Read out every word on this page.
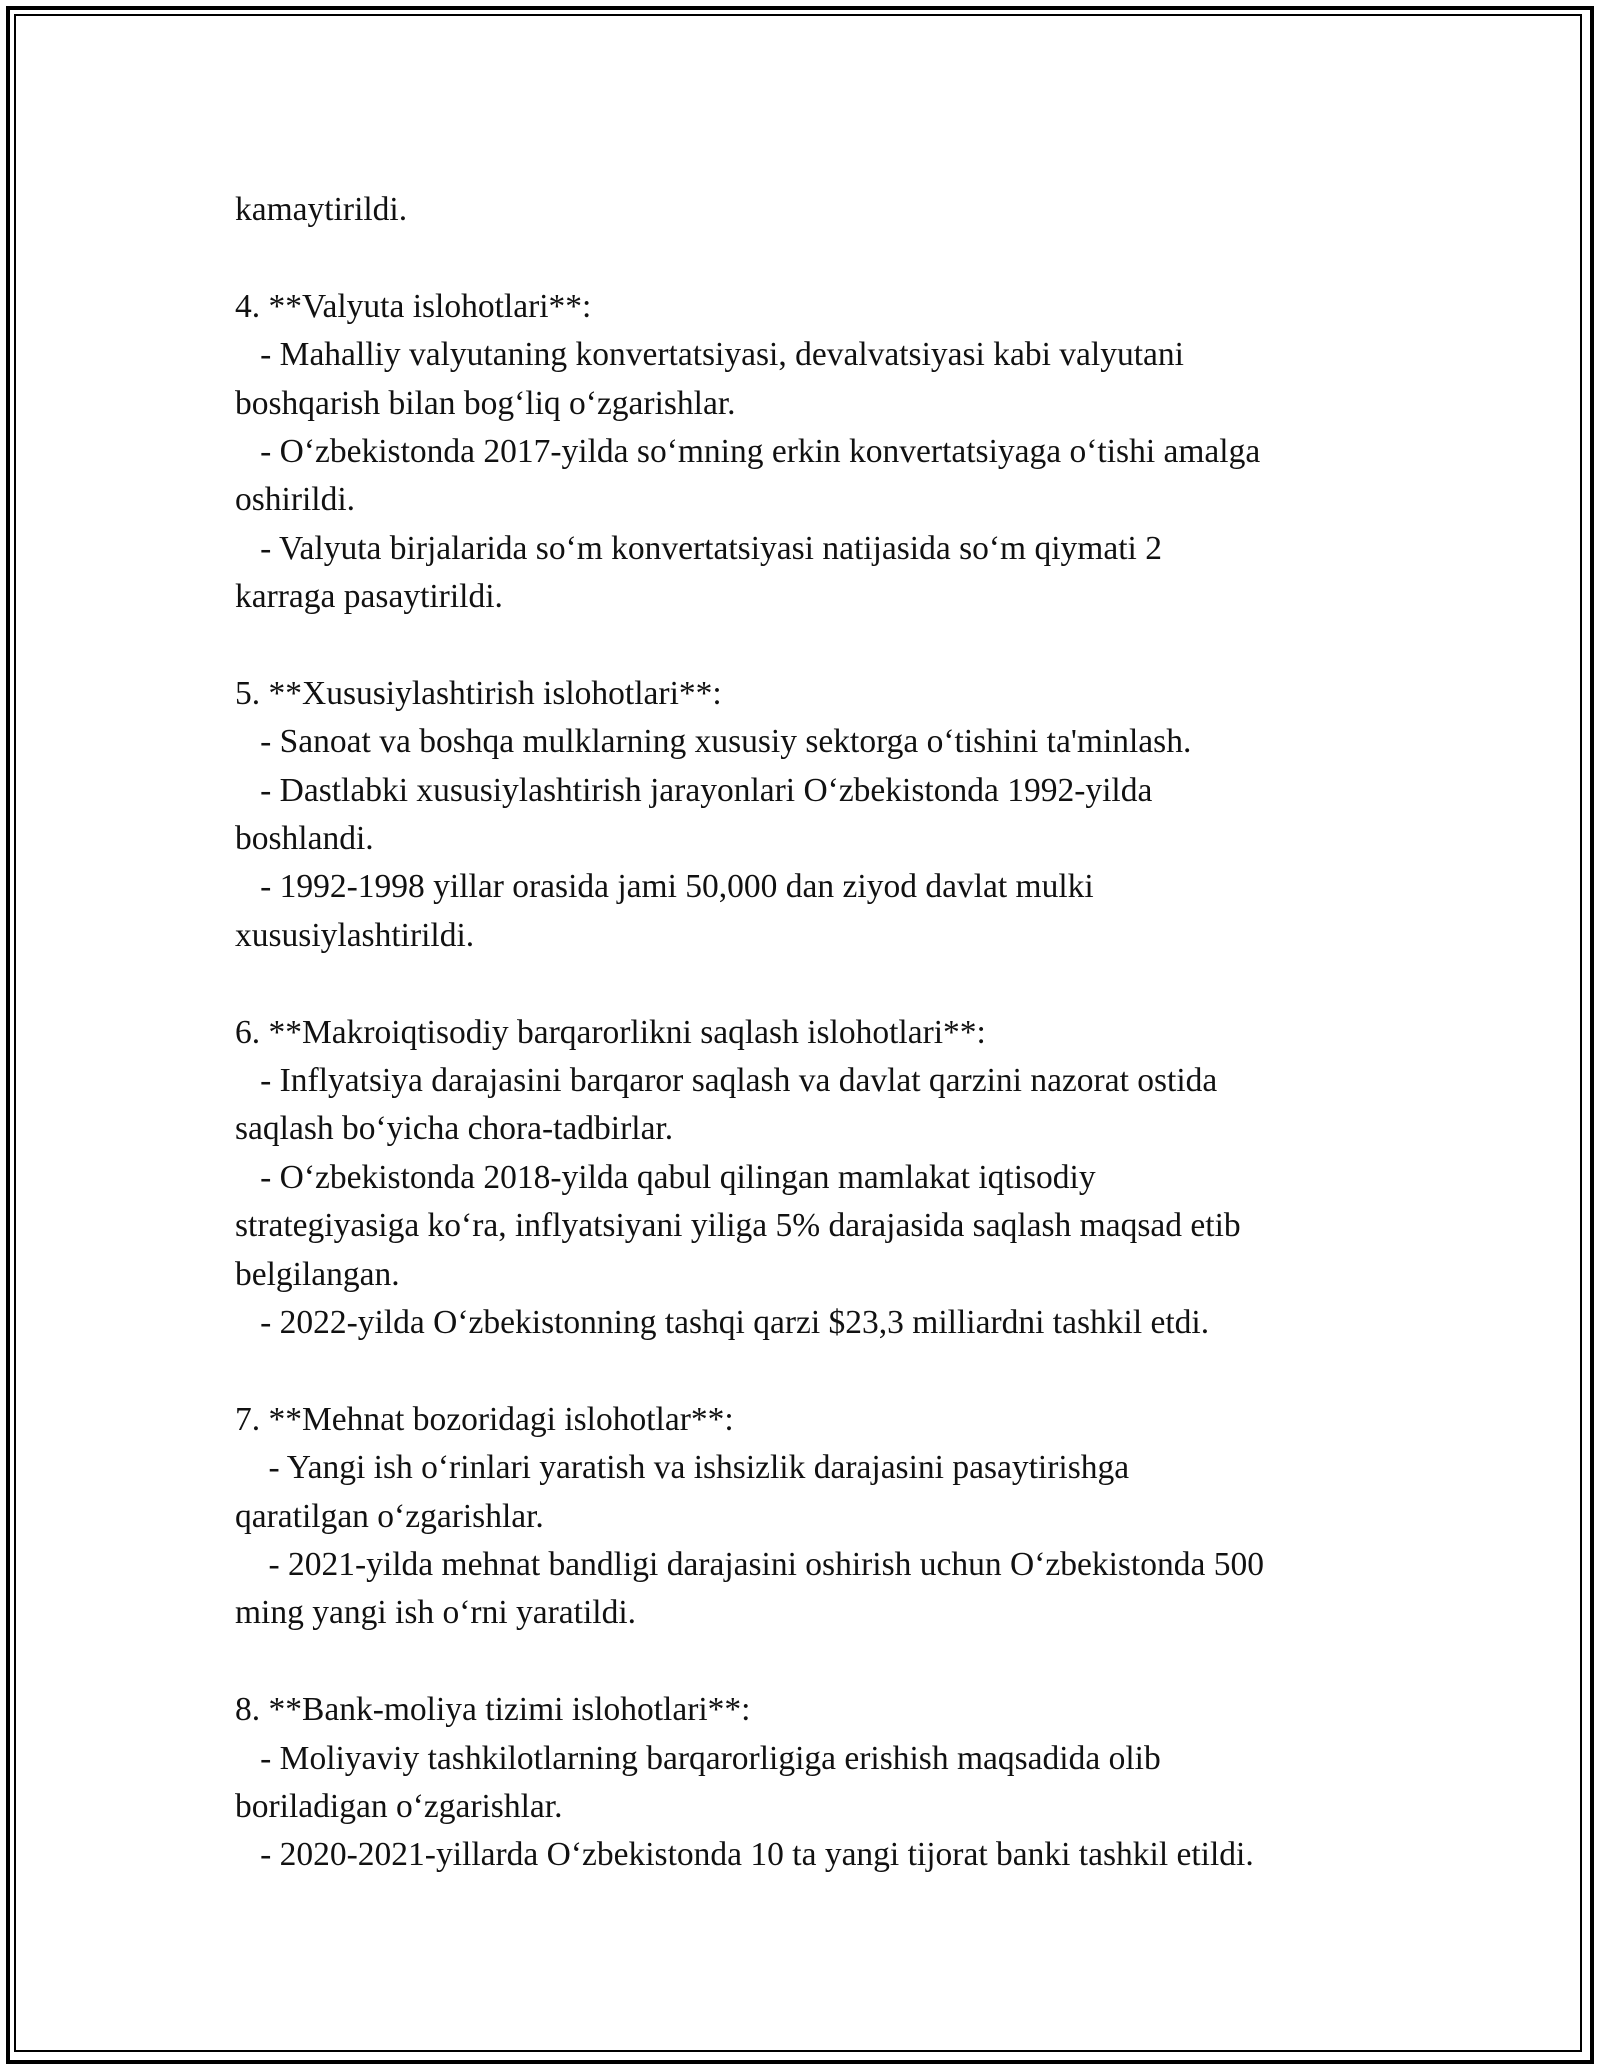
kamaytirildi.
4. **Valyuta islohotlari**:
- Mahalliy valyutaning konvertatsiyasi, devalvatsiyasi kabi valyutani
boshqarish bilan bog‘liq o‘zgarishlar.
- O‘zbekistonda 2017-yilda so‘mning erkin konvertatsiyaga o‘tishi amalga
oshirildi.
- Valyuta birjalarida so‘m konvertatsiyasi natijasida so‘m qiymati 2
karraga pasaytirildi.
5. **Xususiylashtirish islohotlari**:
- Sanoat va boshqa mulklarning xususiy sektorga o‘tishini ta'minlash.
- Dastlabki xususiylashtirish jarayonlari O‘zbekistonda 1992-yilda
boshlandi.
- 1992-1998 yillar orasida jami 50,000 dan ziyod davlat mulki
xususiylashtirildi.
6. **Makroiqtisodiy barqarorlikni saqlash islohotlari**:
- Inflyatsiya darajasini barqaror saqlash va davlat qarzini nazorat ostida
saqlash bo‘yicha chora-tadbirlar.
- O‘zbekistonda 2018-yilda qabul qilingan mamlakat iqtisodiy
strategiyasiga ko‘ra, inflyatsiyani yiliga 5% darajasida saqlash maqsad etib
belgilangan.
- 2022-yilda O‘zbekistonning tashqi qarzi $23,3 milliardni tashkil etdi.
7. **Mehnat bozoridagi islohotlar**:
- Yangi ish o‘rinlari yaratish va ishsizlik darajasini pasaytirishga
qaratilgan o‘zgarishlar.
- 2021-yilda mehnat bandligi darajasini oshirish uchun O‘zbekistonda 500
ming yangi ish o‘rni yaratildi.
8. **Bank-moliya tizimi islohotlari**:
- Moliyaviy tashkilotlarning barqarorligiga erishish maqsadida olib
boriladigan o‘zgarishlar.
- 2020-2021-yillarda O‘zbekistonda 10 ta yangi tijorat banki tashkil etildi.
